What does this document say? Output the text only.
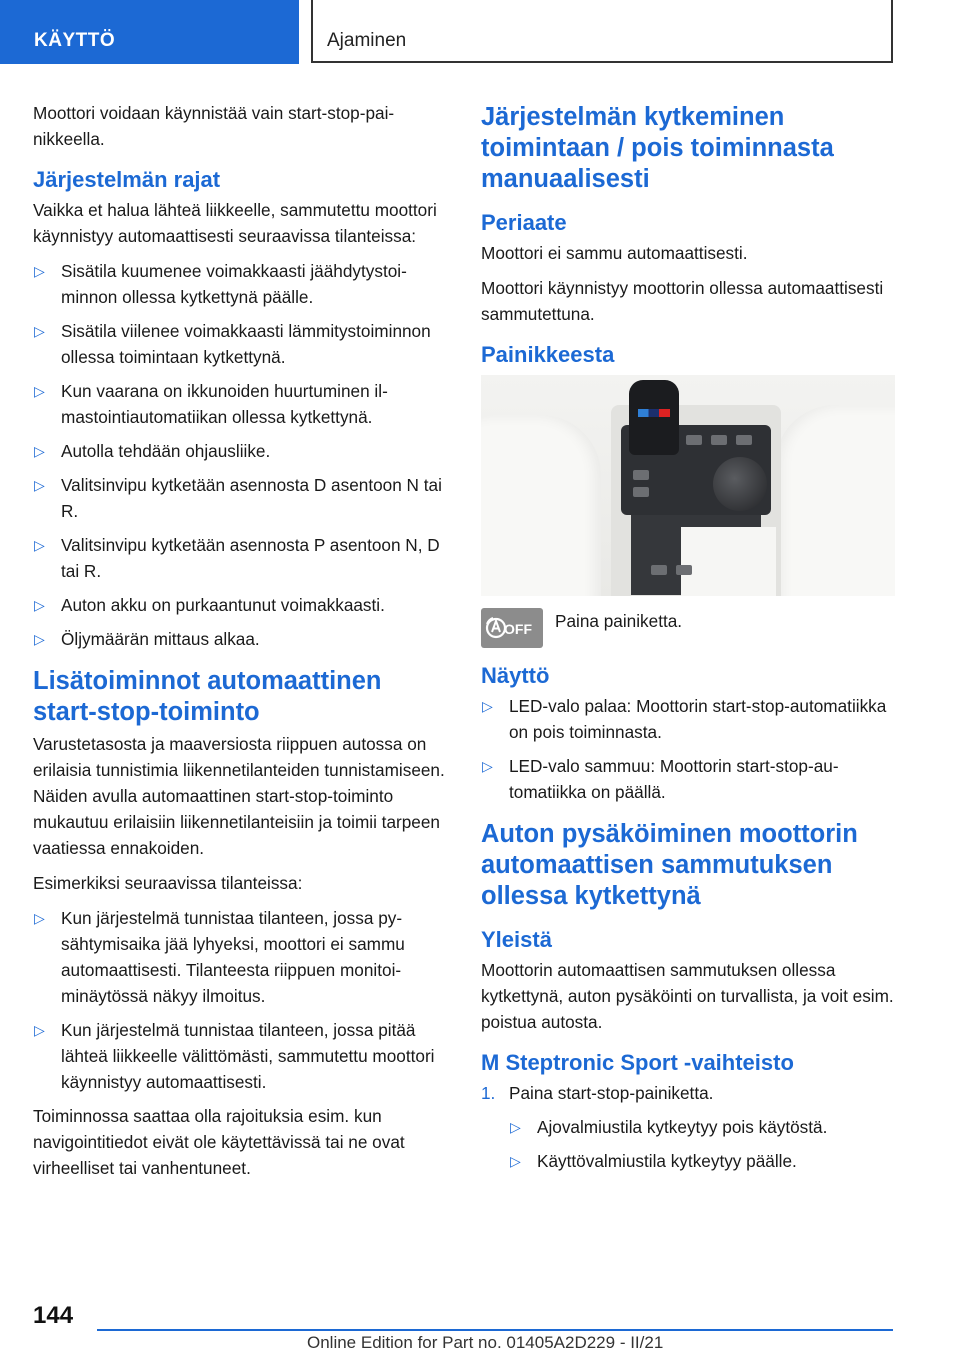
KÄYTTÖ	Ajaminen

Moottori voidaan käynnistää vain start-stop-painikkeella.

Järjestelmän rajat

Vaikka et halua lähteä liikkeelle, sammutettu moottori käynnistyy automaattisesti seuraavissa tilanteissa:

▷ Sisätila kuumenee voimakkaasti jäähdytystoiminnon ollessa kytkettynä päälle.
▷ Sisätila viilenee voimakkaasti lämmitystoiminnon ollessa toimintaan kytkettynä.
▷ Kun vaarana on ikkunoiden huurtuminen ilmastointiautomatiikan ollessa kytkettynä.
▷ Autolla tehdään ohjausliike.
▷ Valitsinvipu kytketään asennosta D asentoon N tai R.
▷ Valitsinvipu kytketään asennosta P asentoon N, D tai R.
▷ Auton akku on purkaantunut voimakkaasti.
▷ Öljymäärän mittaus alkaa.
Lisätoiminnot automaattinen start-stop-toiminto

Varustetasosta ja maaversiosta riippuen autossa on erilaisia tunnistimia liikennetilanteiden tunnistamiseen. Näiden avulla automaattinen start-stop-toiminto mukautuu erilaisiin liikennetilanteisiin ja toimii tarpeen vaatiessa ennakoiden.

Esimerkiksi seuraavissa tilanteissa:

▷ Kun järjestelmä tunnistaa tilanteen, jossa pysähtymisaika jää lyhyeksi, moottori ei sammu automaattisesti. Tilanteesta riippuen monitoiminäytössä näkyy ilmoitus.
▷ Kun järjestelmä tunnistaa tilanteen, jossa pitää lähteä liikkeelle välittömästi, sammutettu moottori käynnistyy automaattisesti.

Toiminnossa saattaa olla rajoituksia esim. kun navigointitiedot eivät ole käytettävissä tai ne ovat virheelliset tai vanhentuneet.

Järjestelmän kytkeminen toimintaan / pois toiminnasta manuaalisesti
Periaate

Moottori ei sammu automaattisesti.

Moottori käynnistyy moottorin ollessa automaattisesti sammutettuna.

Painikkeesta
OFF Paina painiketta.

Näyttö
▷ LED-valo palaa: Moottorin start-stop-automatiikka on pois toiminnasta.
▷ LED-valo sammuu: Moottorin start-stop-automatiikka on päällä.
Auton pysäköiminen moottorin automaattisen sammutuksen ollessa kytkettynä
Yleistä

Moottorin automaattisen sammutuksen ollessa kytkettynä, auton pysäköinti on turvallista, ja voit esim. poistua autosta.

M Steptronic Sport -vaihteisto
1. Paina start-stop-painiketta.
▷ Ajovalmiustila kytkeytyy pois käytöstä.
▷ Käyttövalmiustila kytkeytyy päälle.
144
Online Edition for Part no. 01405A2D229 - II/21
